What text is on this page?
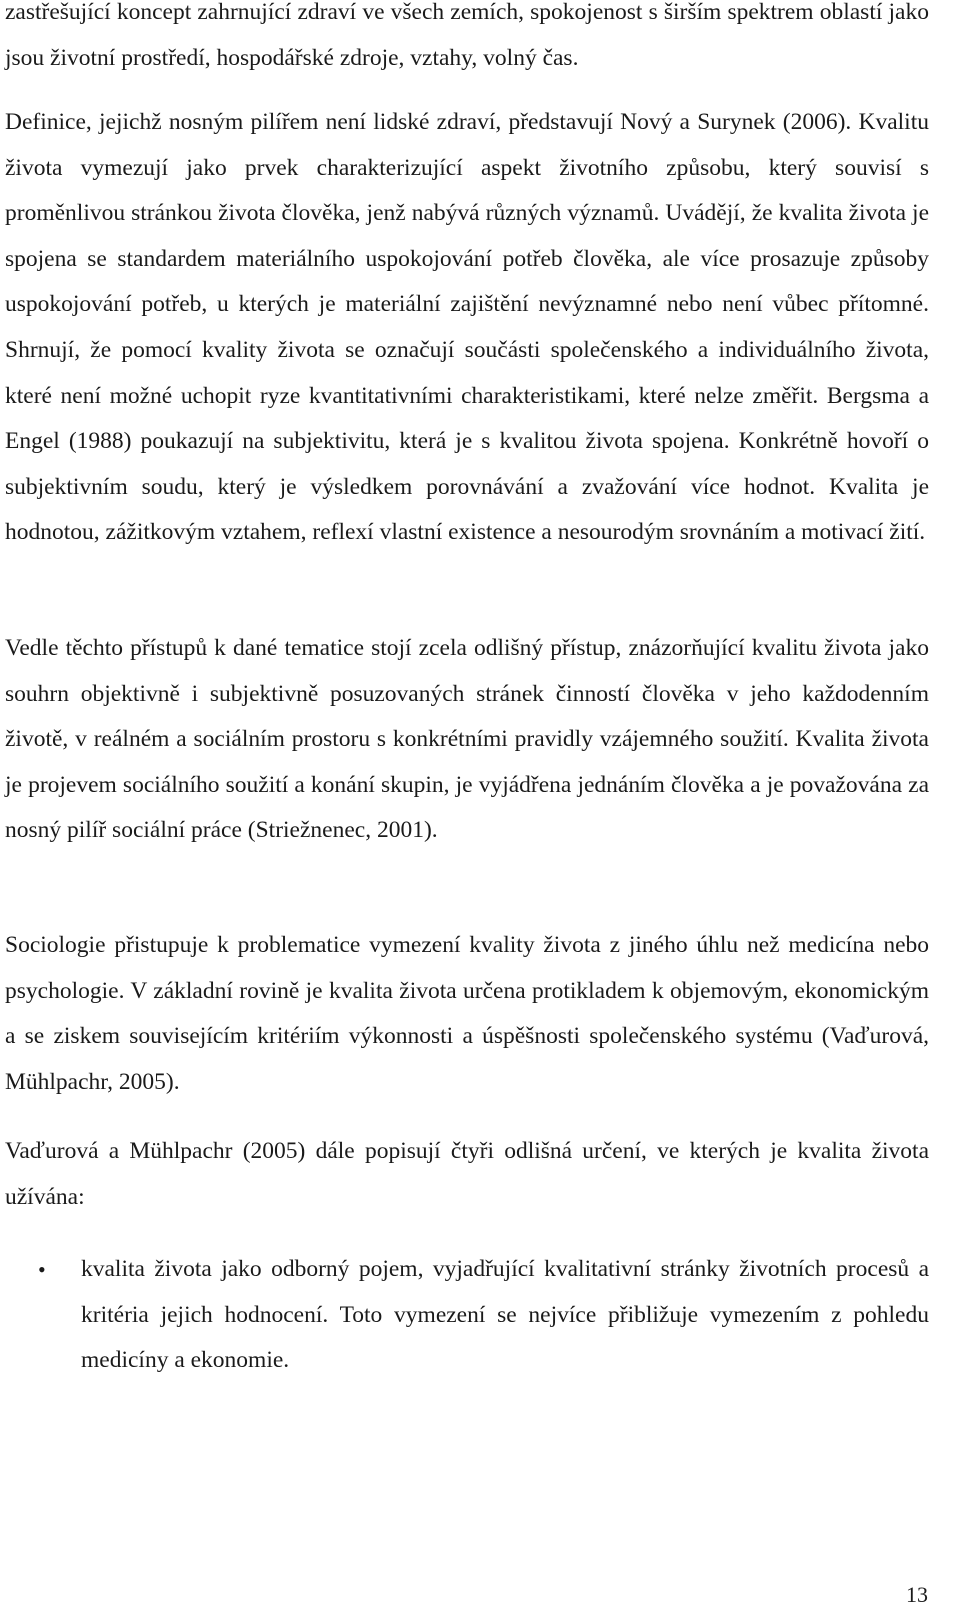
zastřešující koncept zahrnující zdraví ve všech zemích, spokojenost s širším spektrem oblastí jako jsou životní prostředí, hospodářské zdroje, vztahy, volný čas.

Definice, jejichž nosným pilířem není lidské zdraví, představují Nový a Surynek (2006). Kvalitu života vymezují jako prvek charakterizující aspekt životního způsobu, který souvisí s proměnlivou stránkou života člověka, jenž nabývá různých významů. Uvádějí, že kvalita života je spojena se standardem materiálního uspokojování potřeb člověka, ale více prosazuje způsoby uspokojování potřeb, u kterých je materiální zajištění nevýznamné nebo není vůbec přítomné. Shrnují, že pomocí kvality života se označují součásti společenského a individuálního života, které není možné uchopit ryze kvantitativními charakteristikami, které nelze změřit. Bergsma a Engel (1988) poukazují na subjektivitu, která je s kvalitou života spojena. Konkrétně hovoří o subjektivním soudu, který je výsledkem porovnávání a zvažování více hodnot. Kvalita je hodnotou, zážitkovým vztahem, reflexí vlastní existence a nesourodým srovnáním a motivací žití.

Vedle těchto přístupů k dané tematice stojí zcela odlišný přístup, znázorňující kvalitu života jako souhrn objektivně i subjektivně posuzovaných stránek činností člověka v jeho každodenním životě, v reálném a sociálním prostoru s konkrétními pravidly vzájemného soužití. Kvalita života je projevem sociálního soužití a konání skupin, je vyjádřena jednáním člověka a je považována za nosný pilíř sociální práce (Striežnenec, 2001).

Sociologie přistupuje k problematice vymezení kvality života z jiného úhlu než medicína nebo psychologie. V základní rovině je kvalita života určena protikladem k objemovým, ekonomickým a se ziskem souvisejícím kritériím výkonnosti a úspěšnosti společenského systému (Vaďurová, Mühlpachr, 2005).

Vaďurová a Mühlpachr (2005) dále popisují čtyři odlišná určení, ve kterých je kvalita života užívána:

• kvalita života jako odborný pojem, vyjadřující kvalitativní stránky životních procesů a kritéria jejich hodnocení. Toto vymezení se nejvíce přibližuje vymezením z pohledu medicíny a ekonomie.
13
